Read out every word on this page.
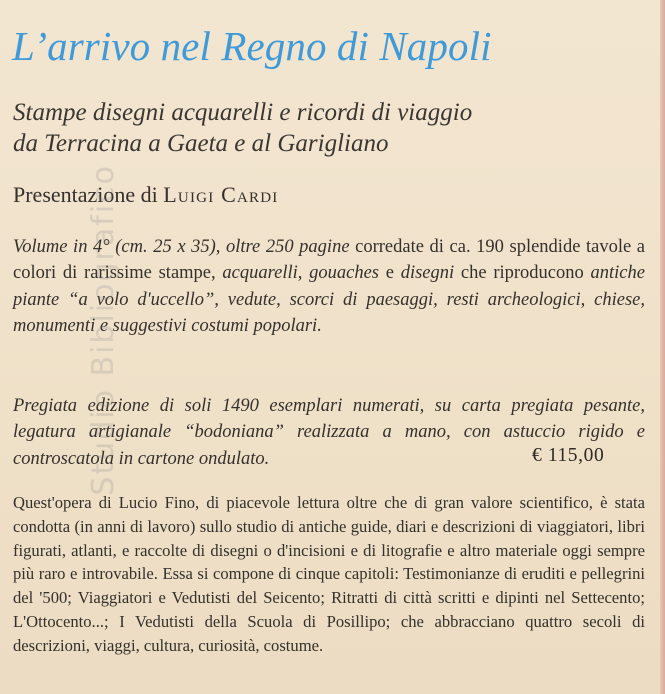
L’arrivo nel Regno di Napoli
Stampe disegni acquarelli e ricordi di viaggio
da Terracina a Gaeta e al Garigliano

Presentazione di Luigi Cardi

Volume in 4° (cm. 25 x 35), oltre 250 pagine corredate di ca. 190 splendide tavole a colori di rarissime stampe, acquarelli, gouaches e disegni che riproducono antiche piante “a volo d'uccello”, vedute, scorci di paesaggi, resti archeologici, chiese, monumenti e suggestivi costumi popolari.

Pregiata edizione di soli 1490 esemplari numerati, su carta pregiata pesante, legatura artigianale “bodoniana” realizzata a mano, con astuccio rigido e controscatola in cartone ondulato.	€ 115,00

Quest'opera di Lucio Fino, di piacevole lettura oltre che di gran valore scientifico, è stata condotta (in anni di lavoro) sullo studio di antiche guide, diari e descrizioni di viaggiatori, libri figurati, atlanti, e raccolte di disegni o d'incisioni e di litografie e altro materiale oggi sempre più raro e introvabile. Essa si compone di cinque capitoli: Testimonianze di eruditi e pellegrini del '500; Viaggiatori e Vedutisti del Seicento; Ritratti di città scritti e dipinti nel Settecento; L'Ottocento...; I Vedutisti della Scuola di Posillipo; che abbracciano quattro secoli di descrizioni, viaggi, cultura, curiosità, costume.

Studio Bibliografico
